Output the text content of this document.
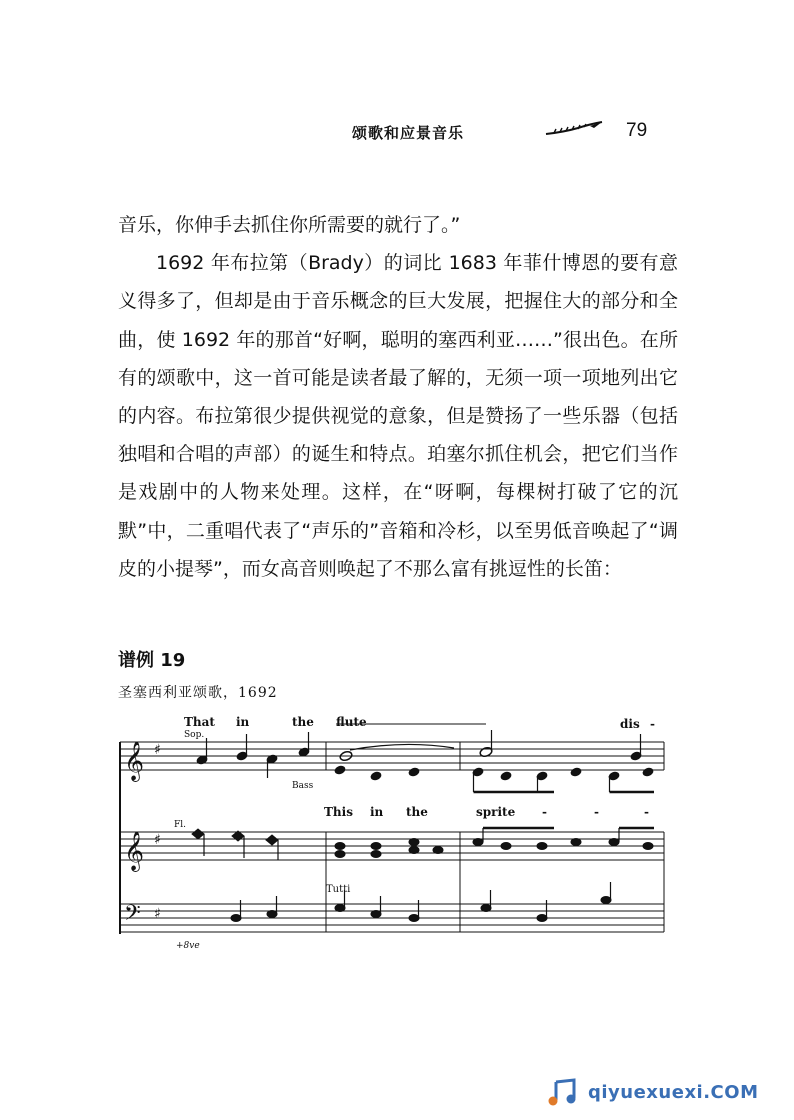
颂歌和应景音乐	79

音乐，你伸手去抓住你所需要的就行了。”

1692 年布拉第（Brady）的词比 1683 年菲什博恩的要有意义得多了，但却是由于音乐概念的巨大发展，把握住大的部分和全曲，使 1692 年的那首“好啊，聪明的塞西利亚……”很出色。在所有的颂歌中，这一首可能是读者最了解的，无须一项一项地列出它的内容。布拉第很少提供视觉的意象，但是赞扬了一些乐器（包括独唱和合唱的声部）的诞生和特点。珀塞尔抓住机会，把它们当作是戏剧中的人物来处理。这样，在“呀啊，每棵树打破了它的沉默”中，二重唱代表了“声乐的”音箱和冷杉，以至男低音唤起了“调皮的小提琴”，而女高音则唤起了不那么富有挑逗性的长笛：

谱例 19
圣塞西利亚颂歌，1692
That in	the flute	dis -
This in the	sprite -	-	-
Sop.
Bass
Fl.
Tutti
+8ve
𝄞
𝄞
𝄢
♯
♯
♯
qiyuexuexi.COM
